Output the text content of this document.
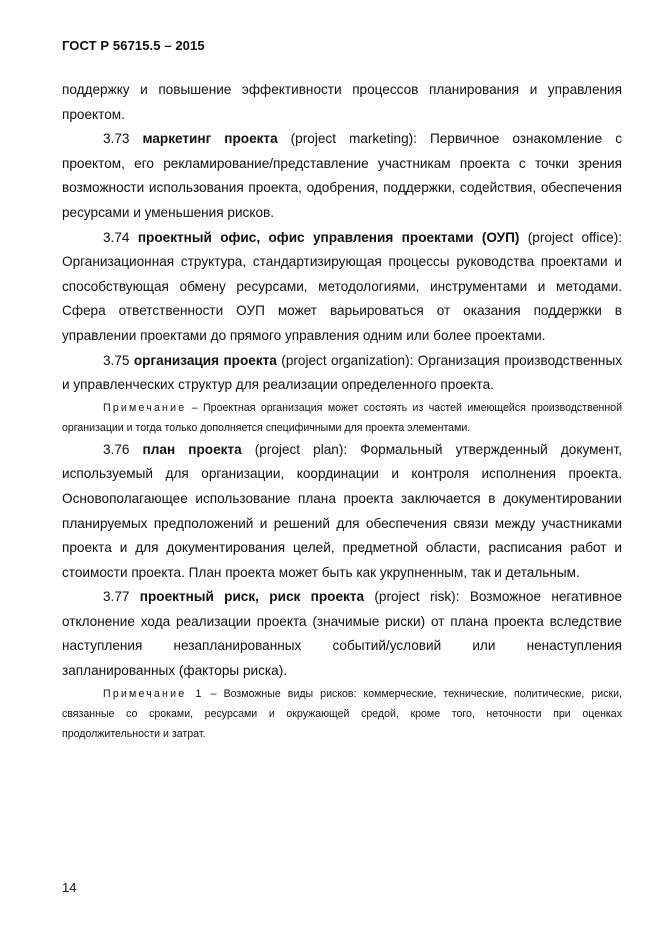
ГОСТ Р 56715.5 – 2015

поддержку и повышение эффективности процессов планирования и управления проектом.

3.73 маркетинг проекта (project marketing): Первичное ознакомление с проектом, его рекламирование/представление участникам проекта с точки зрения возможности использования проекта, одобрения, поддержки, содействия, обеспечения ресурсами и уменьшения рисков.

3.74 проектный офис, офис управления проектами (ОУП) (project office): Организационная структура, стандартизирующая процессы руководства проектами и способствующая обмену ресурсами, методологиями, инструментами и методами. Сфера ответственности ОУП может варьироваться от оказания поддержки в управлении проектами до прямого управления одним или более проектами.

3.75 организация проекта (project organization): Организация производственных и управленческих структур для реализации определенного проекта.

Примечание – Проектная организация может состоять из частей имеющейся производственной организации и тогда только дополняется специфичными для проекта элементами.

3.76 план проекта (project plan): Формальный утвержденный документ, используемый для организации, координации и контроля исполнения проекта. Основополагающее использование плана проекта заключается в документировании планируемых предположений и решений для обеспечения связи между участниками проекта и для документирования целей, предметной области, расписания работ и стоимости проекта. План проекта может быть как укрупненным, так и детальным.

3.77 проектный риск, риск проекта (project risk): Возможное негативное отклонение хода реализации проекта (значимые риски) от плана проекта вследствие наступления незапланированных событий/условий или ненаступления запланированных (факторы риска).

Примечание 1 – Возможные виды рисков: коммерческие, технические, политические, риски, связанные со сроками, ресурсами и окружающей средой, кроме того, неточности при оценках продолжительности и затрат.

14
